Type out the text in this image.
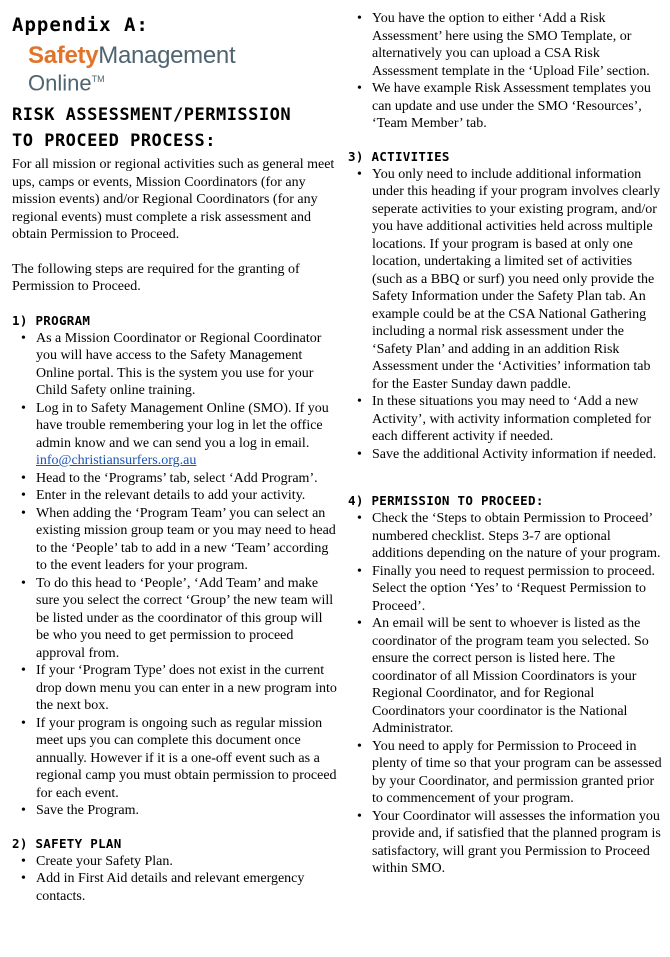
Appendix A:
SafetyManagement
Online™
RISK ASSESSMENT/PERMISSION
TO PROCEED PROCESS:

For all mission or regional activities such as general meet ups, camps or events, Mission Coordinators (for any mission events) and/or Regional Coordinators (for any regional events) must complete a risk assessment and obtain Permission to Proceed.

The following steps are required for the granting of Permission to Proceed.

1) PROGRAM
• As a Mission Coordinator or Regional Coordinator you will have access to the Safety Management Online portal. This is the system you use for your Child Safety online training.
• Log in to Safety Management Online (SMO). If you have trouble remembering your log in let the office admin know and we can send you a log in email. info@christiansurfers.org.au
• Head to the ‘Programs’ tab, select ‘Add Program’.
• Enter in the relevant details to add your activity.
• When adding the ‘Program Team’ you can select an existing mission group team or you may need to head to the ‘People’ tab to add in a new ‘Team’ according to the event leaders for your program.
• To do this head to ‘People’, ‘Add Team’ and make sure you select the correct ‘Group’ the new team will be listed under as the coordinator of this group will be who you need to get permission to proceed approval from.
• If your ‘Program Type’ does not exist in the current drop down menu you can enter in a new program into the next box.
• If your program is ongoing such as regular mission meet ups you can complete this document once annually. However if it is a one-off event such as a regional camp you must obtain permission to proceed for each event.
• Save the Program.
2) SAFETY PLAN
• Create your Safety Plan.
• Add in First Aid details and relevant emergency contacts.
• You have the option to either ‘Add a Risk Assessment’ here using the SMO Template, or alternatively you can upload a CSA Risk Assessment template in the ‘Upload File’ section.
• We have example Risk Assessment templates you can update and use under the SMO ‘Resources’, ‘Team Member’ tab.
3) ACTIVITIES
• You only need to include additional information under this heading if your program involves clearly seperate activities to your existing program, and/or you have additional activities held across multiple locations. If your program is based at only one location, undertaking a limited set of activities (such as a BBQ or surf) you need only provide the Safety Information under the Safety Plan tab. An example could be at the CSA National Gathering including a normal risk assessment under the ‘Safety Plan’ and adding in an addition Risk Assessment under the ‘Activities’ information tab for the Easter Sunday dawn paddle.
• In these situations you may need to ‘Add a new Activity’, with activity information completed for each different activity if needed.
• Save the additional Activity information if needed.
4) PERMISSION TO PROCEED:
• Check the ‘Steps to obtain Permission to Proceed’ numbered checklist. Steps 3-7 are optional additions depending on the nature of your program.
• Finally you need to request permission to proceed. Select the option ‘Yes’ to ‘Request Permission to Proceed’.
• An email will be sent to whoever is listed as the coordinator of the program team you selected. So ensure the correct person is listed here. The coordinator of all Mission Coordinators is your Regional Coordinator, and for Regional Coordinators your coordinator is the National Administrator.
• You need to apply for Permission to Proceed in plenty of time so that your program can be assessed by your Coordinator, and permission granted prior to commencement of your program.
• Your Coordinator will assesses the information you provide and, if satisfied that the planned program is satisfactory, will grant you Permission to Proceed within SMO.
